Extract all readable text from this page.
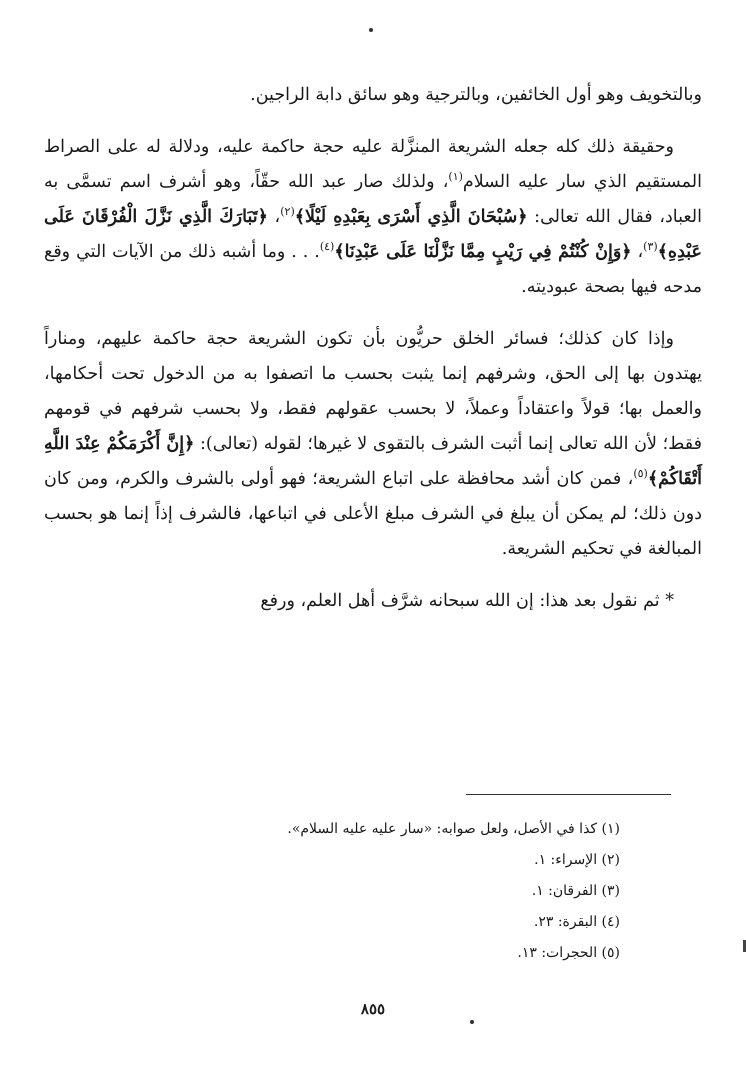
وبالتخويف وهو أول الخائفين، وبالترجية وهو سائق دابة الراجين.

وحقيقة ذلك كله جعله الشريعة المنزَّلة عليه حجة حاكمة عليه، ودلالة له على الصراط المستقيم الذي سار عليه السلام$^{(١)}$، ولذلك صار عبد الله حقّاً، وهو أشرف اسم تسمَّى به العباد، فقال الله تعالى: ﴿سُبْحَانَ الَّذِي أَسْرَى بِعَبْدِهِ لَيْلًا﴾$^{(٢)}$، ﴿تَبَارَكَ الَّذِي نَزَّلَ الْفُرْقَانَ عَلَى عَبْدِهِ﴾$^{(٣)}$، ﴿وَإِنْ كُنْتُمْ فِي رَيْبٍ مِمَّا نَزَّلْنَا عَلَى عَبْدِنَا﴾$^{(٤)}$. . . وما أشبه ذلك من الآيات التي وقع مدحه فيها بصحة عبوديته.

وإذا كان كذلك؛ فسائر الخلق حريُّون بأن تكون الشريعة حجة حاكمة عليهم، ومناراً يهتدون بها إلى الحق، وشرفهم إنما يثبت بحسب ما اتصفوا به من الدخول تحت أحكامها، والعمل بها؛ قولاً واعتقاداً وعملاً، لا بحسب عقولهم فقط، ولا بحسب شرفهم في قومهم فقط؛ لأن الله تعالى إنما أثبت الشرف بالتقوى لا غيرها؛ لقوله (تعالى): ﴿إِنَّ أَكْرَمَكُمْ عِنْدَ اللَّهِ أَتْقَاكُمْ﴾$^{(٥)}$، فمن كان أشد محافظة على اتباع الشريعة؛ فهو أولى بالشرف والكرم، ومن كان دون ذلك؛ لم يمكن أن يبلغ في الشرف مبلغ الأعلى في اتباعها، فالشرف إذاً إنما هو بحسب المبالغة في تحكيم الشريعة.

* ثم نقول بعد هذا: إن الله سبحانه شرَّف أهل العلم، ورفع

(١) كذا في الأصل، ولعل صوابه: «سار عليه عليه السلام».

(٢) الإسراء: ١.

(٣) الفرقان: ١.

(٤) البقرة: ٢٣.

(٥) الحجرات: ١٣.

٨٥٥
